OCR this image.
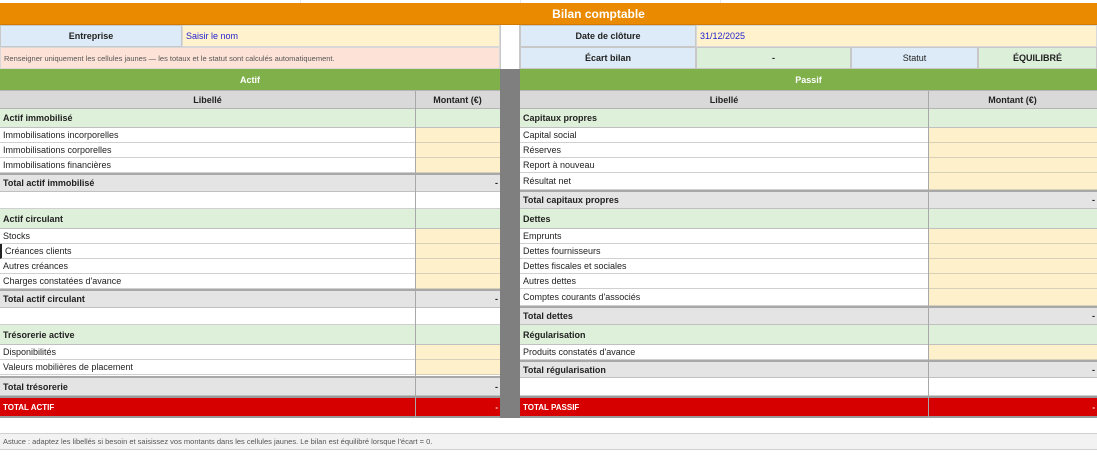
Bilan comptable
Entreprise	Saisir le nom
Renseigner uniquement les cellules jaunes — les totaux et le statut sont calculés automatiquement.
Date de clôture	31/12/2025
Écart bilan	-	Statut	ÉQUILIBRÉ
Actif
Libellé	Montant (€)
Actif immobilisé
Immobilisations incorporelles
Immobilisations corporelles
Immobilisations financières
Total actif immobilisé	-
Actif circulant
Stocks
Créances clients
Autres créances
Charges constatées d'avance
Total actif circulant	-
Trésorerie active
Disponibilités
Valeurs mobilières de placement
Total trésorerie	-
TOTAL ACTIF	-
Passif
Libellé	Montant (€)
Capitaux propres
Capital social
Réserves
Report à nouveau
Résultat net
Total capitaux propres	-
Dettes
Emprunts
Dettes fournisseurs
Dettes fiscales et sociales
Autres dettes
Comptes courants d'associés
Total dettes	-
Régularisation
Produits constatés d'avance
Total régularisation	-
TOTAL PASSIF	-
Astuce : adaptez les libellés si besoin et saisissez vos montants dans les cellules jaunes. Le bilan est équilibré lorsque l'écart = 0.
